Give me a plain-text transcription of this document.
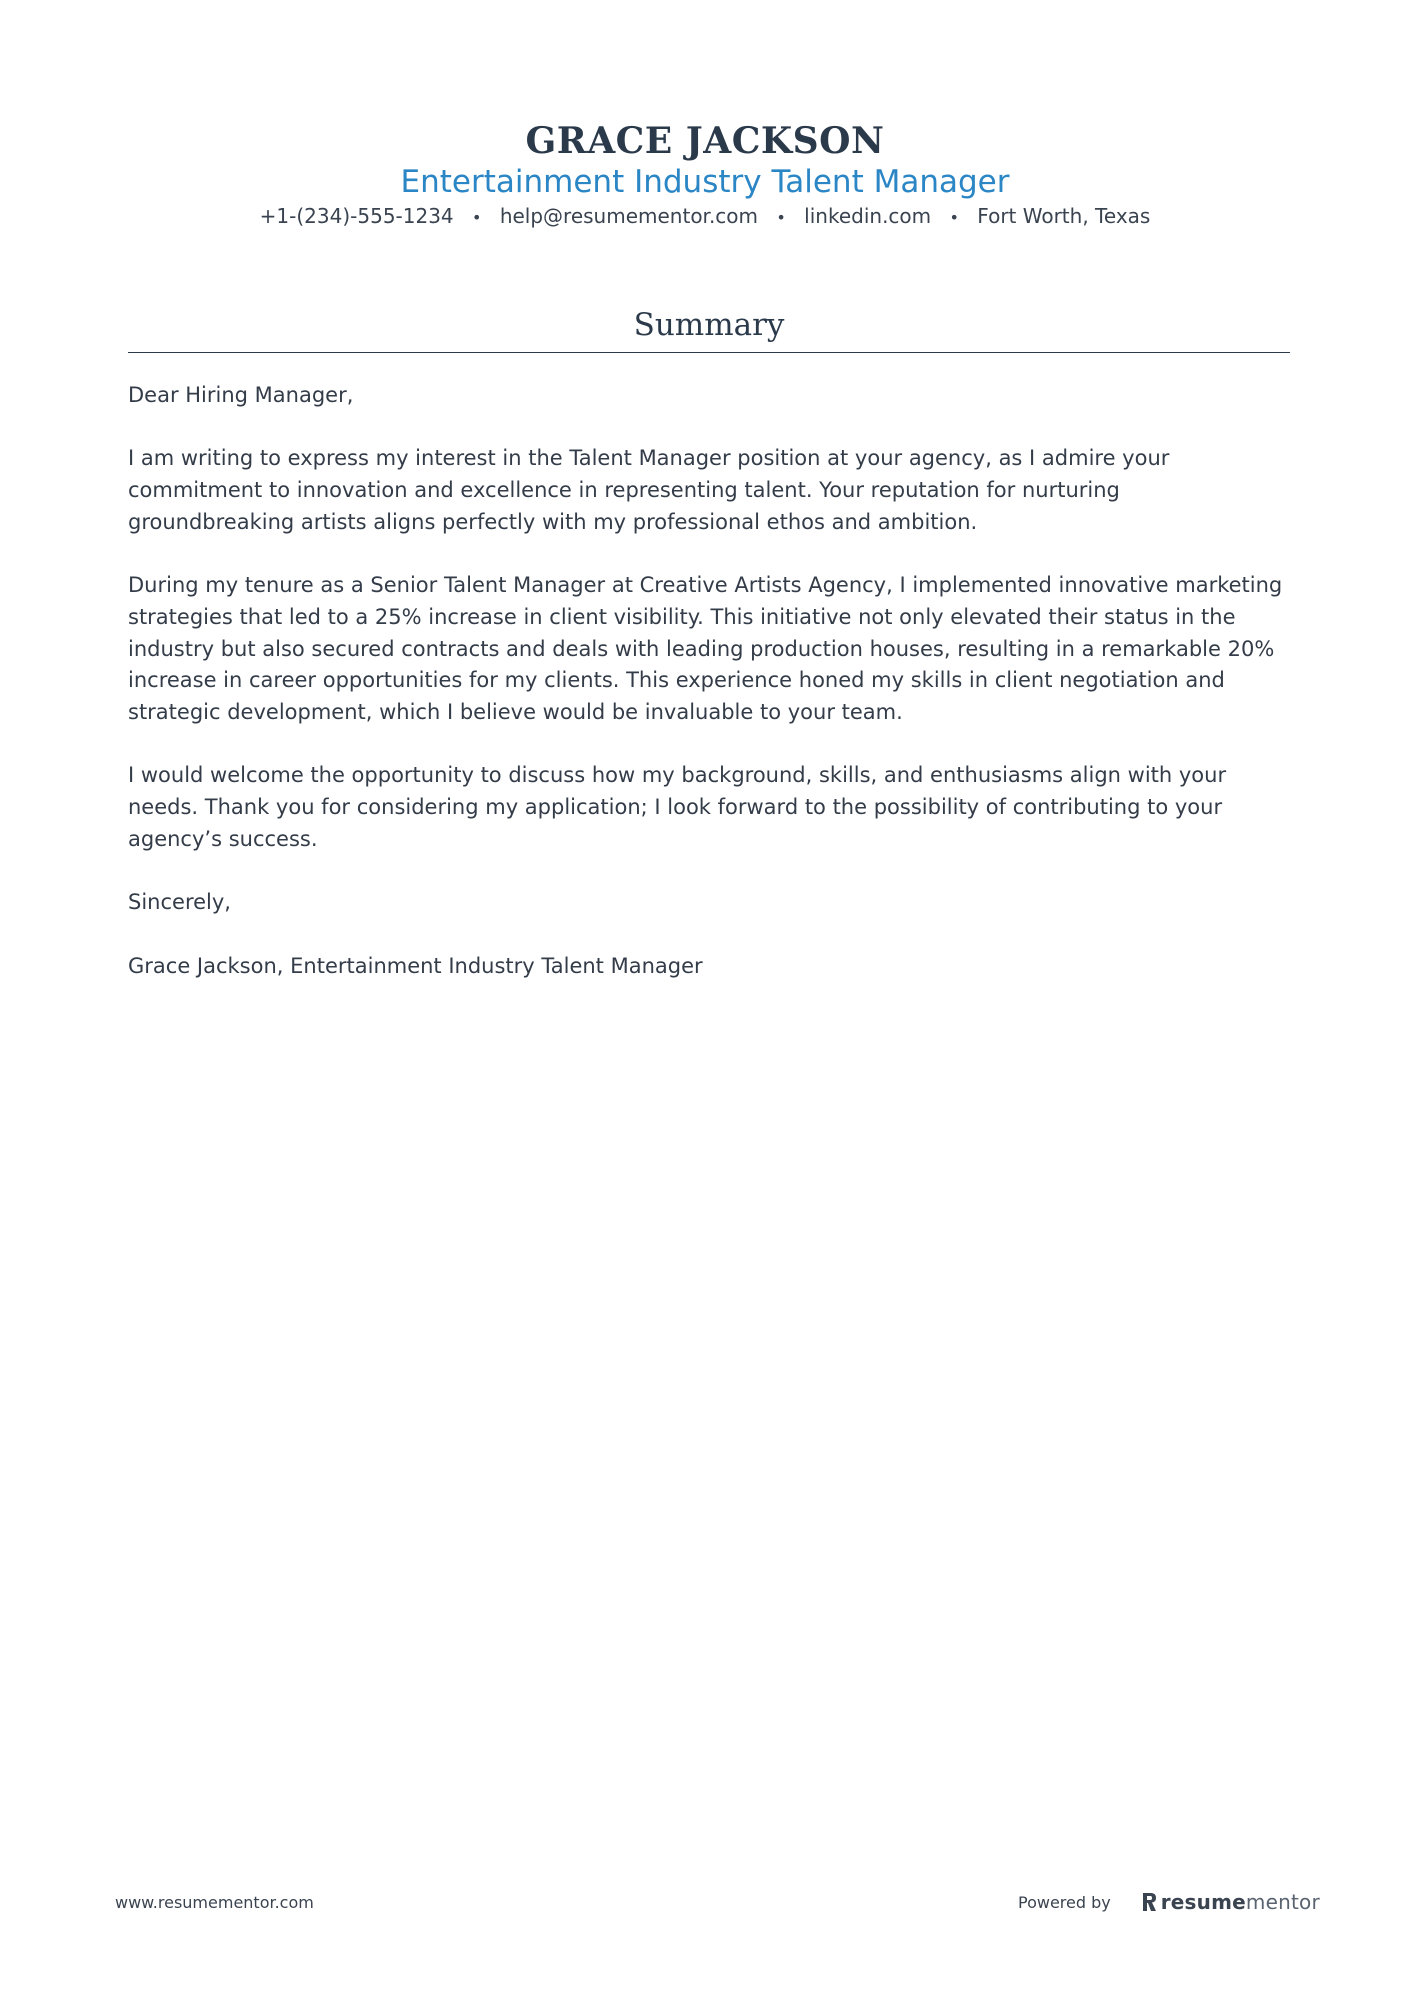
GRACE JACKSON
Entertainment Industry Talent Manager
+1-(234)-555-1234 • help@resumementor.com • linkedin.com • Fort Worth, Texas
Summary

Dear Hiring Manager,

I am writing to express my interest in the Talent Manager position at your agency, as I admire your commitment to innovation and excellence in representing talent. Your reputation for nurturing groundbreaking artists aligns perfectly with my professional ethos and ambition.

During my tenure as a Senior Talent Manager at Creative Artists Agency, I implemented innovative marketing strategies that led to a 25% increase in client visibility. This initiative not only elevated their status in the industry but also secured contracts and deals with leading production houses, resulting in a remarkable 20% increase in career opportunities for my clients. This experience honed my skills in client negotiation and strategic development, which I believe would be invaluable to your team.

I would welcome the opportunity to discuss how my background, skills, and enthusiasms align with your needs. Thank you for considering my application; I look forward to the possibility of contributing to your agency’s success.

Sincerely,

Grace Jackson, Entertainment Industry Talent Manager

www.resumementor.com	Powered by	resume mentor
